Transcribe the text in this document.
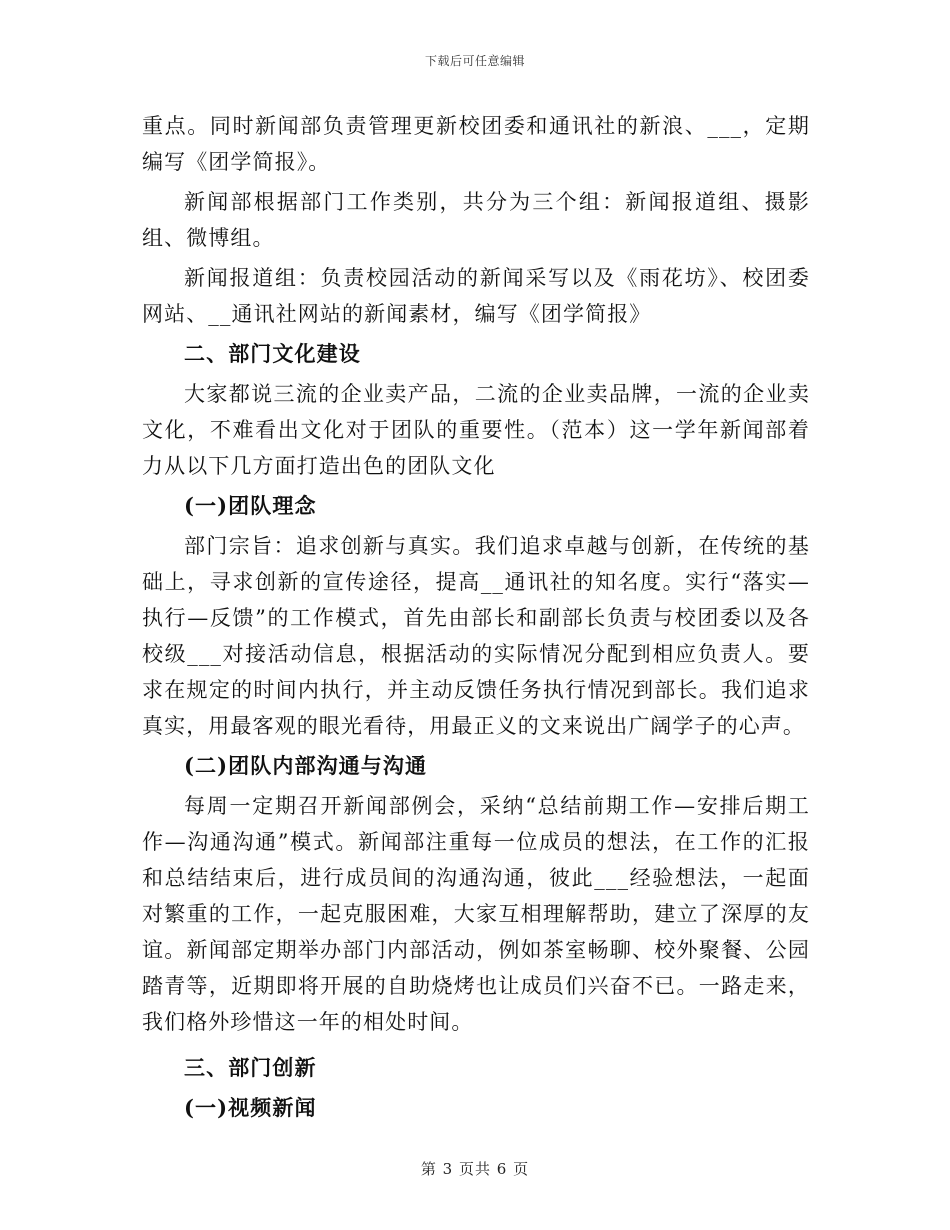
下载后可任意编辑

重点。同时新闻部负责管理更新校团委和通讯社的新浪、___，定期编写《团学简报》。

新闻部根据部门工作类别，共分为三个组：新闻报道组、摄影组、微博组。

新闻报道组：负责校园活动的新闻采写以及《雨花坊》、校团委网站、__通讯社网站的新闻素材，编写《团学简报》

二、部门文化建设

大家都说三流的企业卖产品，二流的企业卖品牌，一流的企业卖文化，不难看出文化对于团队的重要性。（范本）这一学年新闻部着力从以下几方面打造出色的团队文化

(一)团队理念

部门宗旨：追求创新与真实。我们追求卓越与创新，在传统的基础上，寻求创新的宣传途径，提高__通讯社的知名度。实行“落实—执行—反馈”的工作模式，首先由部长和副部长负责与校团委以及各校级___对接活动信息，根据活动的实际情况分配到相应负责人。要求在规定的时间内执行，并主动反馈任务执行情况到部长。我们追求真实，用最客观的眼光看待，用最正义的文来说出广阔学子的心声。

(二)团队内部沟通与沟通

每周一定期召开新闻部例会，采纳“总结前期工作—安排后期工作—沟通沟通”模式。新闻部注重每一位成员的想法，在工作的汇报和总结结束后，进行成员间的沟通沟通，彼此___经验想法，一起面对繁重的工作，一起克服困难，大家互相理解帮助，建立了深厚的友谊。新闻部定期举办部门内部活动，例如茶室畅聊、校外聚餐、公园踏青等，近期即将开展的自助烧烤也让成员们兴奋不已。一路走来，我们格外珍惜这一年的相处时间。

三、部门创新

(一)视频新闻

第 3 页共 6 页
